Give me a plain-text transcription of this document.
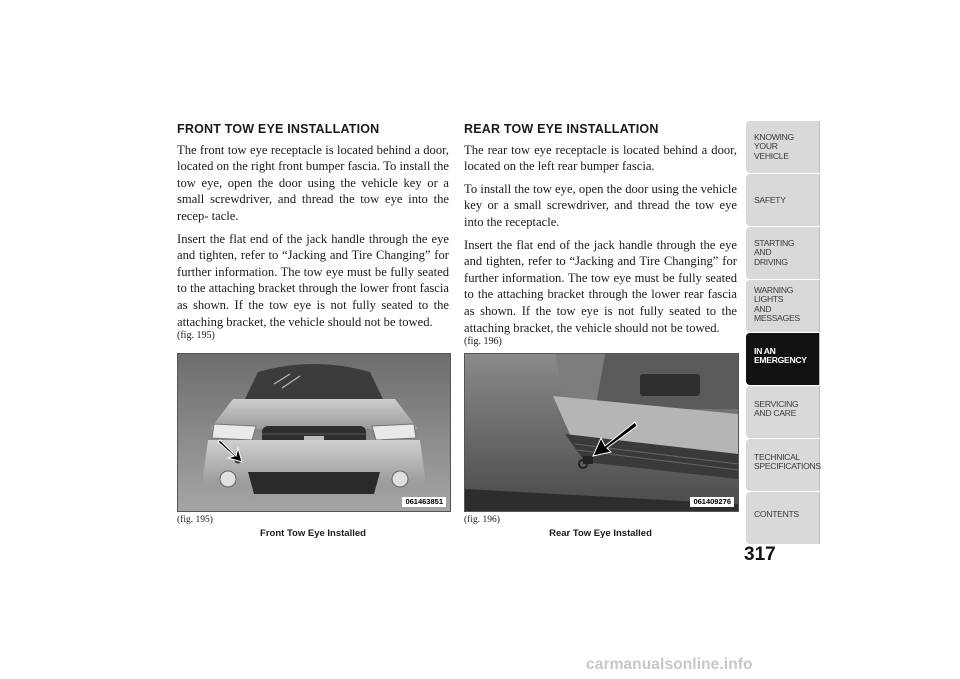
FRONT TOW EYE INSTALLATION

The front tow eye receptacle is located behind a door, located on the right front bumper fascia. To install the tow eye, open the door using the vehicle key or a small screwdriver, and thread the tow eye into the recep- tacle.

Insert the flat end of the jack handle through the eye and tighten, refer to “Jacking and Tire Changing” for further information. The tow eye must be fully seated to the attaching bracket through the lower front fascia as shown. If the tow eye is not fully seated to the attaching bracket, the vehicle should not be towed.

(fig. 195)
REAR TOW EYE INSTALLATION

The rear tow eye receptacle is located behind a door, located on the left rear bumper fascia.

To install the tow eye, open the door using the vehicle key or a small screwdriver, and thread the tow eye into the receptacle.

Insert the flat end of the jack handle through the eye and tighten, refer to “Jacking and Tire Changing” for further information. The tow eye must be fully seated to the attaching bracket through the lower rear fascia as shown. If the tow eye is not fully seated to the attaching bracket, the vehicle should not be towed.

(fig. 196)
061463851	061409276
(fig. 195)
Front Tow Eye Installed
(fig. 196)
Rear Tow Eye Installed
KNOWING
YOUR
VEHICLE
SAFETY
STARTING
AND
DRIVING
WARNING
LIGHTS
AND
MESSAGES
IN AN
EMERGENCY
SERVICING
AND CARE
TECHNICAL
SPECIFICATIONS
CONTENTS
317
carmanualsonline.info
